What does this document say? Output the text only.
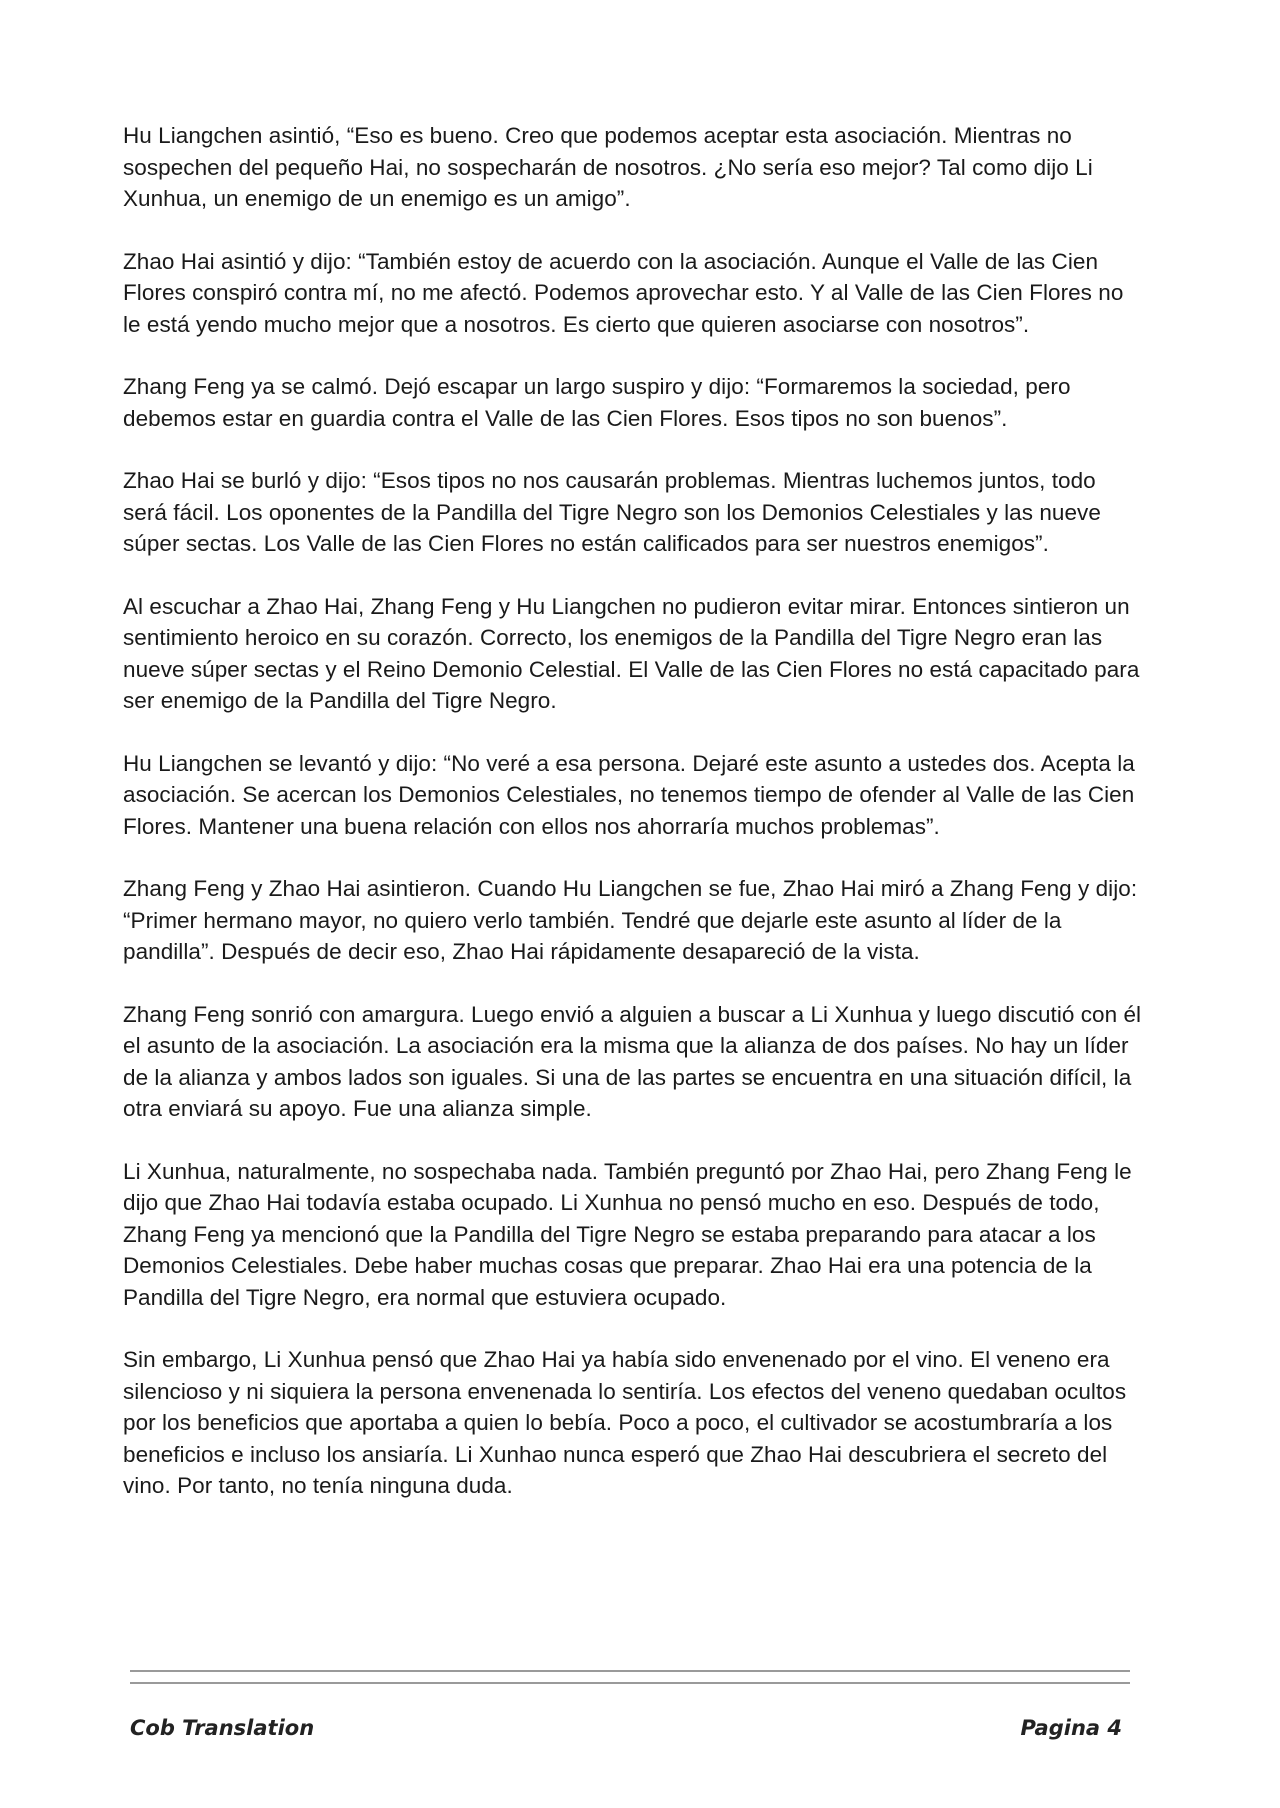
Hu Liangchen asintió, “Eso es bueno. Creo que podemos aceptar esta asociación. Mientras no sospechen del pequeño Hai, no sospecharán de nosotros. ¿No sería eso mejor? Tal como dijo Li Xunhua, un enemigo de un enemigo es un amigo”.

Zhao Hai asintió y dijo: “También estoy de acuerdo con la asociación. Aunque el Valle de las Cien Flores conspiró contra mí, no me afectó. Podemos aprovechar esto. Y al Valle de las Cien Flores no le está yendo mucho mejor que a nosotros. Es cierto que quieren asociarse con nosotros”.

Zhang Feng ya se calmó. Dejó escapar un largo suspiro y dijo: “Formaremos la sociedad, pero debemos estar en guardia contra el Valle de las Cien Flores. Esos tipos no son buenos”.

Zhao Hai se burló y dijo: “Esos tipos no nos causarán problemas. Mientras luchemos juntos, todo será fácil. Los oponentes de la Pandilla del Tigre Negro son los Demonios Celestiales y las nueve súper sectas. Los Valle de las Cien Flores no están calificados para ser nuestros enemigos”.

Al escuchar a Zhao Hai, Zhang Feng y Hu Liangchen no pudieron evitar mirar. Entonces sintieron un sentimiento heroico en su corazón. Correcto, los enemigos de la Pandilla del Tigre Negro eran las nueve súper sectas y el Reino Demonio Celestial. El Valle de las Cien Flores no está capacitado para ser enemigo de la Pandilla del Tigre Negro.

Hu Liangchen se levantó y dijo: “No veré a esa persona. Dejaré este asunto a ustedes dos. Acepta la asociación. Se acercan los Demonios Celestiales, no tenemos tiempo de ofender al Valle de las Cien Flores. Mantener una buena relación con ellos nos ahorraría muchos problemas”.

Zhang Feng y Zhao Hai asintieron. Cuando Hu Liangchen se fue, Zhao Hai miró a Zhang Feng y dijo: “Primer hermano mayor, no quiero verlo también. Tendré que dejarle este asunto al líder de la pandilla”. Después de decir eso, Zhao Hai rápidamente desapareció de la vista.

Zhang Feng sonrió con amargura. Luego envió a alguien a buscar a Li Xunhua y luego discutió con él el asunto de la asociación. La asociación era la misma que la alianza de dos países. No hay un líder de la alianza y ambos lados son iguales. Si una de las partes se encuentra en una situación difícil, la otra enviará su apoyo. Fue una alianza simple.

Li Xunhua, naturalmente, no sospechaba nada. También preguntó por Zhao Hai, pero Zhang Feng le dijo que Zhao Hai todavía estaba ocupado. Li Xunhua no pensó mucho en eso. Después de todo, Zhang Feng ya mencionó que la Pandilla del Tigre Negro se estaba preparando para atacar a los Demonios Celestiales. Debe haber muchas cosas que preparar. Zhao Hai era una potencia de la Pandilla del Tigre Negro, era normal que estuviera ocupado.

Sin embargo, Li Xunhua pensó que Zhao Hai ya había sido envenenado por el vino. El veneno era silencioso y ni siquiera la persona envenenada lo sentiría. Los efectos del veneno quedaban ocultos por los beneficios que aportaba a quien lo bebía. Poco a poco, el cultivador se acostumbraría a los beneficios e incluso los ansiaría. Li Xunhao nunca esperó que Zhao Hai descubriera el secreto del vino. Por tanto, no tenía ninguna duda.

Cob Translation	Pagina 4
